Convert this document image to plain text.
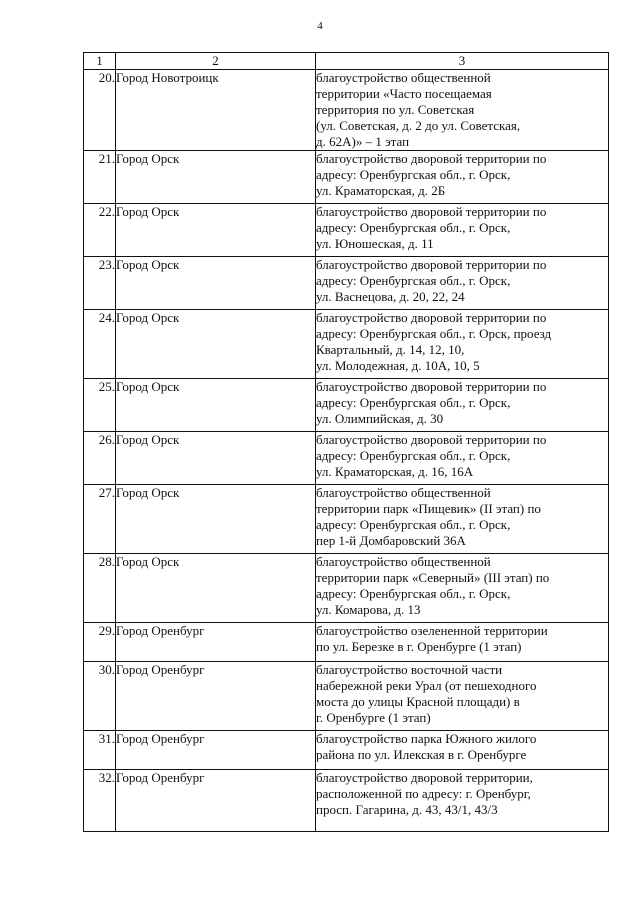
4
1	2	3
20.	Город Новотроицк	благоустройство общественной
территории «Часто посещаемая
территория по ул. Советская
(ул. Советская, д. 2 до ул. Советская,
д. 62А)» – 1 этап

21.	Город Орск	благоустройство дворовой территории по
адресу: Оренбургская обл., г. Орск,
ул. Краматорская, д. 2Б

22.	Город Орск	благоустройство дворовой территории по
адресу: Оренбургская обл., г. Орск,
ул. Юношеская, д. 11

23.	Город Орск	благоустройство дворовой территории по
адресу: Оренбургская обл., г. Орск,
ул. Васнецова, д. 20, 22, 24

24.	Город Орск	благоустройство дворовой территории по
адресу: Оренбургская обл., г. Орск, проезд
Квартальный, д. 14, 12, 10,
ул. Молодежная, д. 10А, 10, 5

25.	Город Орск	благоустройство дворовой территории по
адресу: Оренбургская обл., г. Орск,
ул. Олимпийская, д. 30

26.	Город Орск	благоустройство дворовой территории по
адресу: Оренбургская обл., г. Орск,
ул. Краматорская, д. 16, 16А

27.	Город Орск	благоустройство общественной
территории парк «Пищевик» (II этап) по
адресу: Оренбургская обл., г. Орск,
пер 1-й Домбаровский 36А

28.	Город Орск	благоустройство общественной
территории парк «Северный» (III этап) по
адресу: Оренбургская обл., г. Орск,
ул. Комарова, д. 13

29.	Город Оренбург	благоустройство озелененной территории
по ул. Березке в г. Оренбурге (1 этап)

30.	Город Оренбург	благоустройство восточной части
набережной реки Урал (от пешеходного
моста до улицы Красной площади) в
г. Оренбурге (1 этап)

31.	Город Оренбург	благоустройство парка Южного жилого
района по ул. Илекская в г. Оренбурге

32.	Город Оренбург	благоустройство дворовой территории,
расположенной по адресу: г. Оренбург,
просп. Гагарина, д. 43, 43/1, 43/3
